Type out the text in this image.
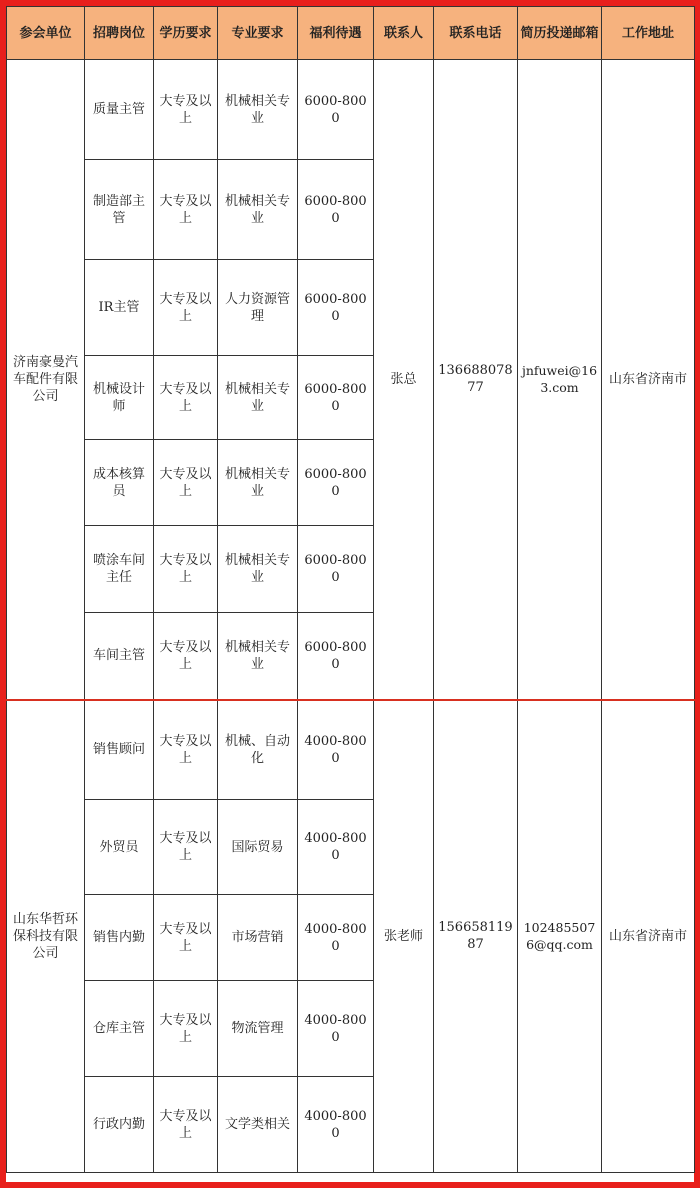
参会单位	招聘岗位	学历要求	专业要求	福利待遇	联系人	联系电话	简历投递邮箱	工作地址
济南豪曼汽车配件有限公司	质量主管	大专及以上	机械相关专业	6000-8000	张总	13668807877	jnfuwei@163.com	山东省济南市
	制造部主管	大专及以上	机械相关专业	6000-8000				
	IR主管	大专及以上	人力资源管理	6000-8000				
	机械设计师	大专及以上	机械相关专业	6000-8000				
	成本核算员	大专及以上	机械相关专业	6000-8000				
	喷涂车间主任	大专及以上	机械相关专业	6000-8000				
	车间主管	大专及以上	机械相关专业	6000-8000				
山东华哲环保科技有限公司	销售顾问	大专及以上	机械、自动化	4000-8000	张老师	15665811987	1024855076@qq.com	山东省济南市
	外贸员	大专及以上	国际贸易	4000-8000				
	销售内勤	大专及以上	市场营销	4000-8000				
	仓库主管	大专及以上	物流管理	4000-8000				
	行政内勤	大专及以上	文学类相关	4000-8000				
